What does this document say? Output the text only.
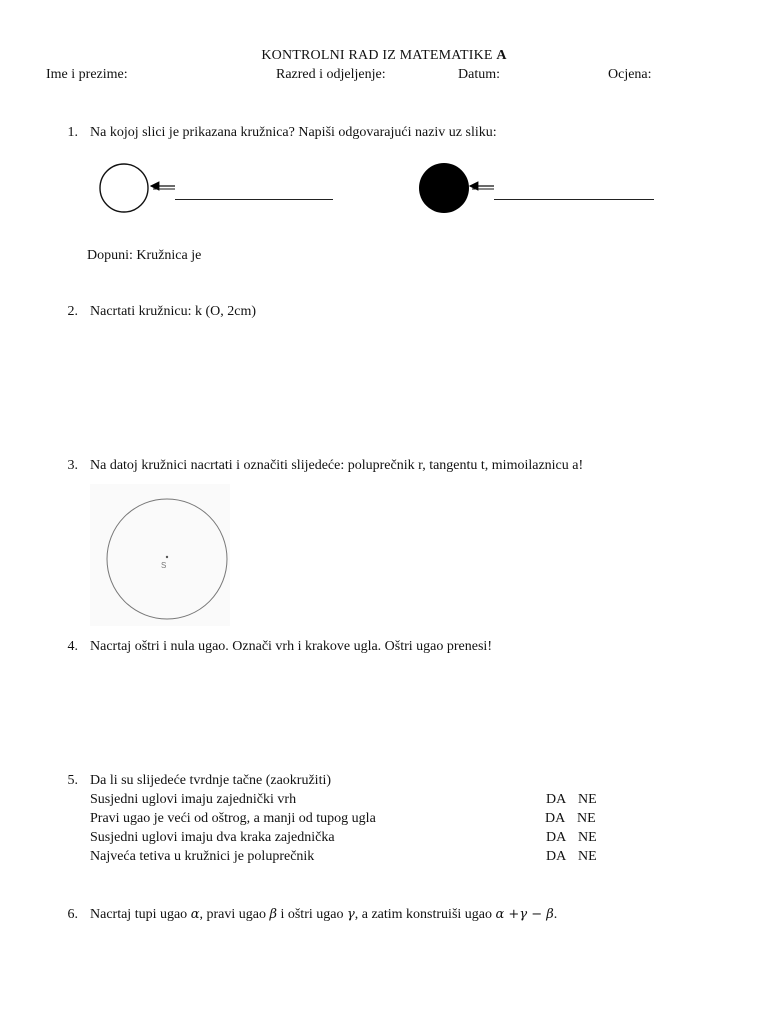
KONTROLNI RAD IZ MATEMATIKE A
Ime i prezime:	Razred i odjeljenje:	Datum:	Ocjena:
1. Na kojoj slici je prikazana kružnica? Napiši odgovarajući naziv uz sliku:
Dopuni: Kružnica je
2. Nacrtati kružnicu: k (O, 2cm)
3. Na datoj kružnici nacrtati i označiti slijedeće: poluprečnik r, tangentu t, mimoilaznicu a!
S
4. Nacrtaj oštri i nula ugao. Označi vrh i krakove ugla. Oštri ugao prenesi!
5. Da li su slijedeće tvrdnje tačne (zaokružiti)
Susjedni uglovi imaju zajednički vrh	DA NE
Pravi ugao je veći od oštrog, a manji od tupog ugla	DA NE
Susjedni uglovi imaju dva kraka zajednička	DA NE
Najveća tetiva u kružnici je poluprečnik	DA NE
6. Nacrtaj tupi ugao α, pravi ugao β i oštri ugao γ, a zatim konstruiši ugao α +γ − β.
